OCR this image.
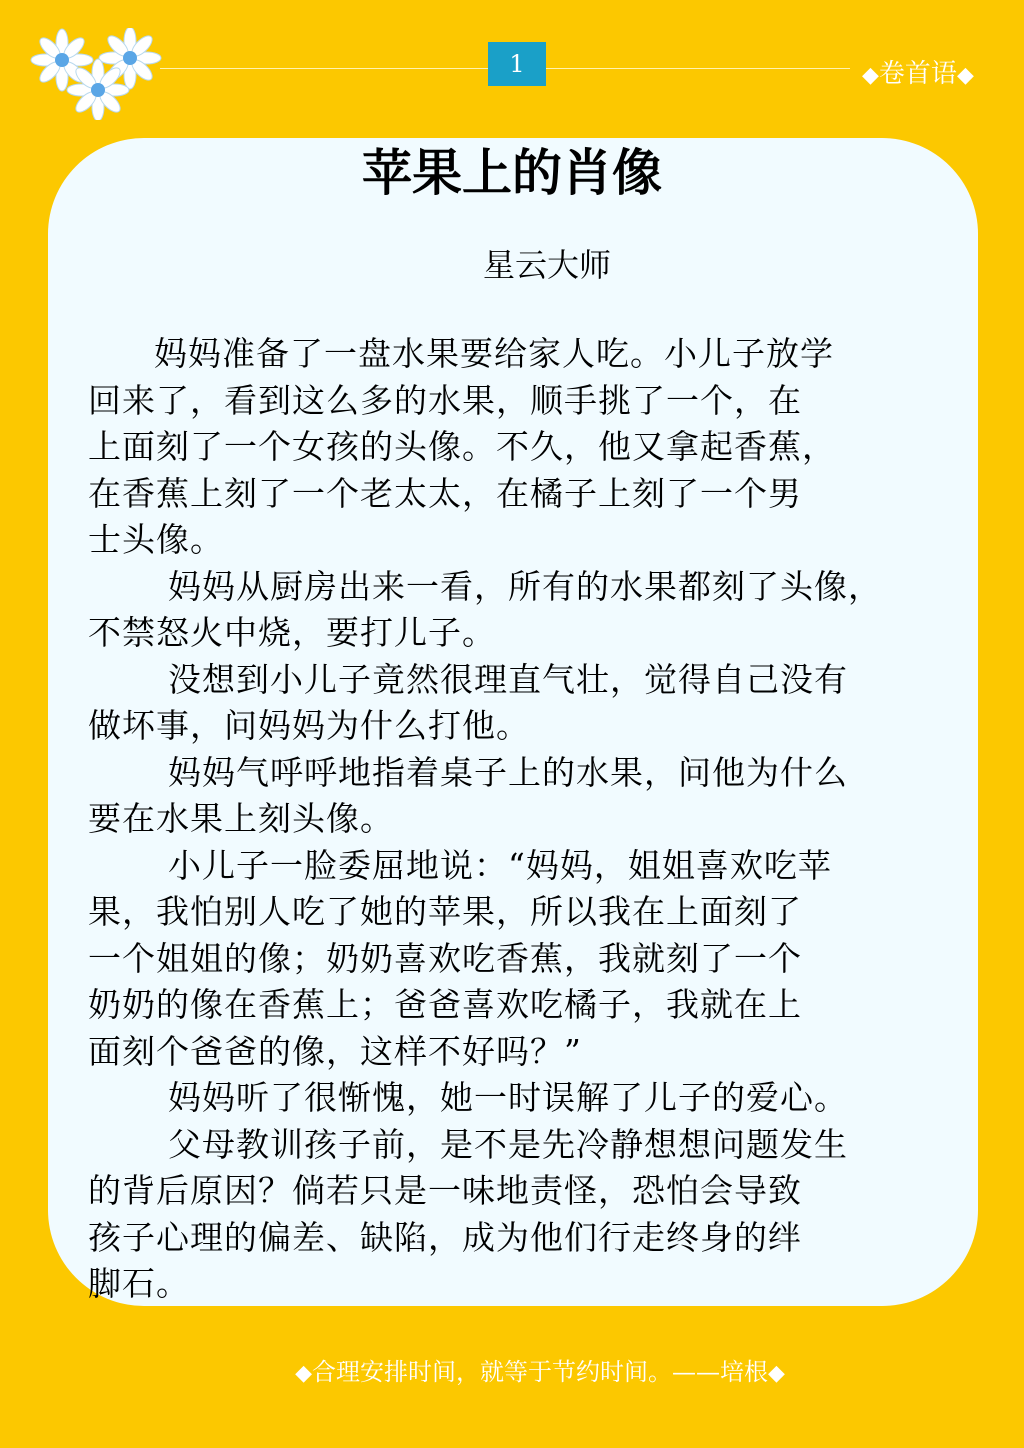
1	◆卷首语◆
苹果上的肖像
星云大师
妈妈准备了一盘水果要给家人吃。小儿子放学
回来了，看到这么多的水果，顺手挑了一个，在
上面刻了一个女孩的头像。不久，他又拿起香蕉，
在香蕉上刻了一个老太太，在橘子上刻了一个男
士头像。
妈妈从厨房出来一看，所有的水果都刻了头像，
不禁怒火中烧，要打儿子。
没想到小儿子竟然很理直气壮，觉得自己没有
做坏事，问妈妈为什么打他。
妈妈气呼呼地指着桌子上的水果，问他为什么
要在水果上刻头像。
小儿子一脸委屈地说：“妈妈，姐姐喜欢吃苹
果，我怕别人吃了她的苹果，所以我在上面刻了
一个姐姐的像；奶奶喜欢吃香蕉，我就刻了一个
奶奶的像在香蕉上；爸爸喜欢吃橘子，我就在上
面刻个爸爸的像，这样不好吗？”
妈妈听了很惭愧，她一时误解了儿子的爱心。
父母教训孩子前，是不是先冷静想想问题发生
的背后原因？倘若只是一味地责怪，恐怕会导致
孩子心理的偏差、缺陷，成为他们行走终身的绊
脚石。
◆合理安排时间，就等于节约时间。——培根◆
